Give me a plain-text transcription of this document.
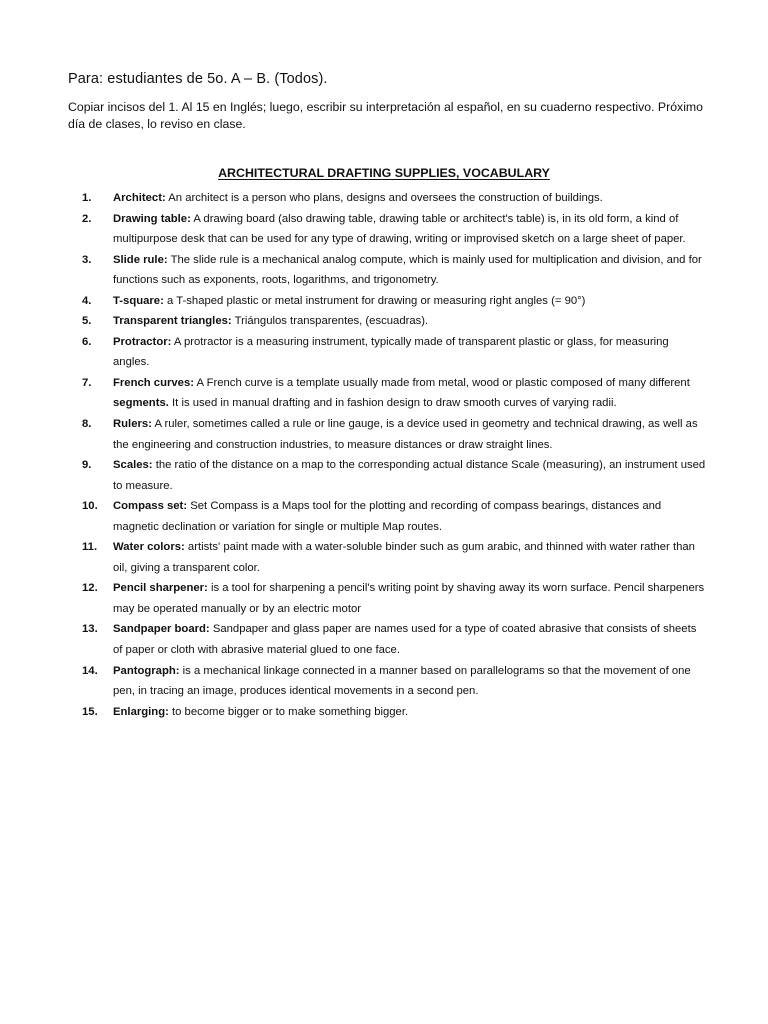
Para: estudiantes de 5o. A – B. (Todos).
Copiar incisos del 1. Al 15 en Inglés; luego, escribir su interpretación al español, en su cuaderno respectivo. Próximo día de clases, lo reviso en clase.
ARCHITECTURAL DRAFTING SUPPLIES, VOCABULARY
1.	Architect: An architect is a person who plans, designs and oversees the construction of buildings.
2.	Drawing table: A drawing board (also drawing table, drawing table or architect's table) is, in its old form, a kind of multipurpose desk that can be used for any type of drawing, writing or improvised sketch on a large sheet of paper.
3.	Slide rule: The slide rule is a mechanical analog compute, which is mainly used for multiplication and division, and for functions such as exponents, roots, logarithms, and trigonometry.
4.	T-square: a T-shaped plastic or metal instrument for drawing or measuring right angles (= 90°)
5.	Transparent triangles: Triángulos transparentes, (escuadras).
6.	Protractor: A protractor is a measuring instrument, typically made of transparent plastic or glass, for measuring angles.
7.	French curves: A French curve is a template usually made from metal, wood or plastic composed of many different segments. It is used in manual drafting and in fashion design to draw smooth curves of varying radii.
8.	Rulers: A ruler, sometimes called a rule or line gauge, is a device used in geometry and technical drawing, as well as the engineering and construction industries, to measure distances or draw straight lines.
9.	Scales: the ratio of the distance on a map to the corresponding actual distance Scale (measuring), an instrument used to measure.
10.	Compass set: Set Compass is a Maps tool for the plotting and recording of compass bearings, distances and magnetic declination or variation for single or multiple Map routes.
11.	Water colors: artists' paint made with a water-soluble binder such as gum arabic, and thinned with water rather than oil, giving a transparent color.
12.	Pencil sharpener: is a tool for sharpening a pencil's writing point by shaving away its worn surface. Pencil sharpeners may be operated manually or by an electric motor
13.	Sandpaper board: Sandpaper and glass paper are names used for a type of coated abrasive that consists of sheets of paper or cloth with abrasive material glued to one face.
14.	Pantograph: is a mechanical linkage connected in a manner based on parallelograms so that the movement of one pen, in tracing an image, produces identical movements in a second pen.
15.	Enlarging: to become bigger or to make something bigger.
